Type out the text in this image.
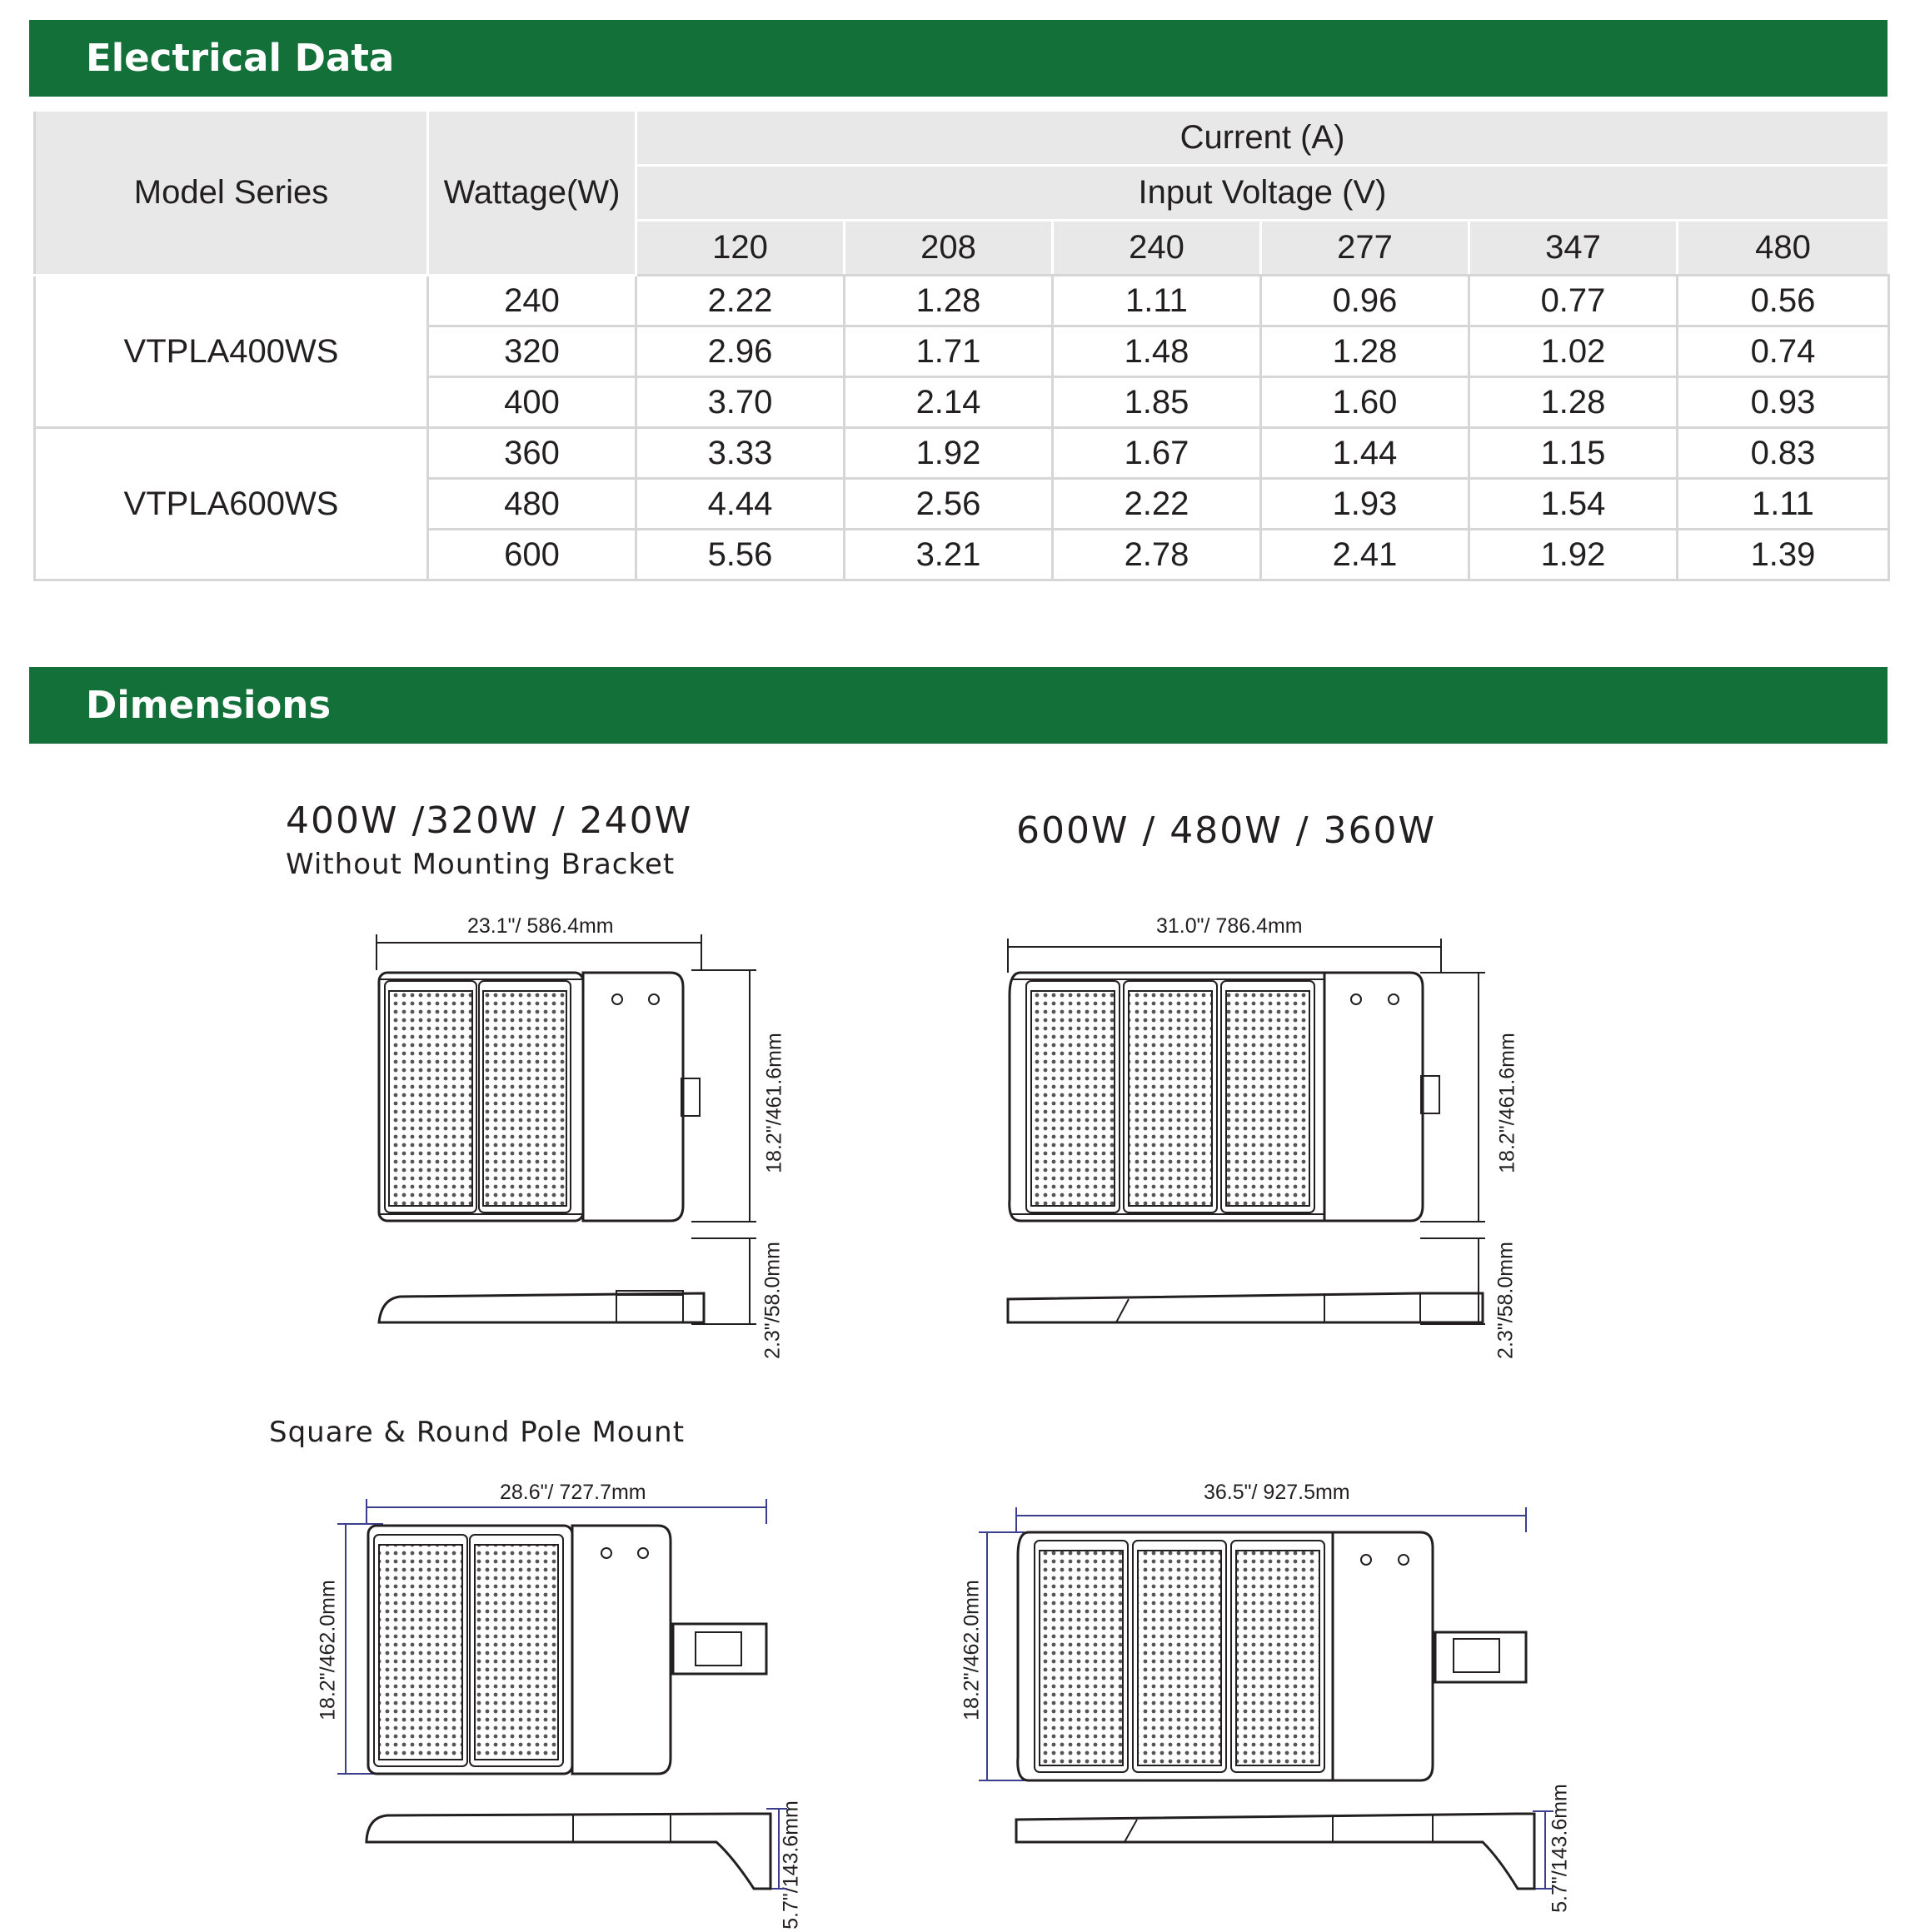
Electrical Data
Dimensions
Model Series	Wattage(W)	Current (A)					
		Input Voltage (V)					
		120	208	240	277	347	480
VTPLA400WS	240	2.22	1.28	1.11	0.96	0.77	0.56
	320	2.96	1.71	1.48	1.28	1.02	0.74
	400	3.70	2.14	1.85	1.60	1.28	0.93
VTPLA600WS	360	3.33	1.92	1.67	1.44	1.15	0.83
	480	4.44	2.56	2.22	1.93	1.54	1.11
	600	5.56	3.21	2.78	2.41	1.92	1.39
400W /320W / 240W
Without Mounting Bracket
600W / 480W / 360W
Square & Round Pole Mount
23.1"/ 586.4mm	31.0"/ 786.4mm
28.6"/ 727.7mm	36.5"/ 927.5mm
18.2"/461.6mm
2.3"/58.0mm
18.2"/461.6mm
2.3"/58.0mm
18.2"/462.0mm	18.2"/462.0mm
5.7"/143.6mm	5.7"/143.6mm
